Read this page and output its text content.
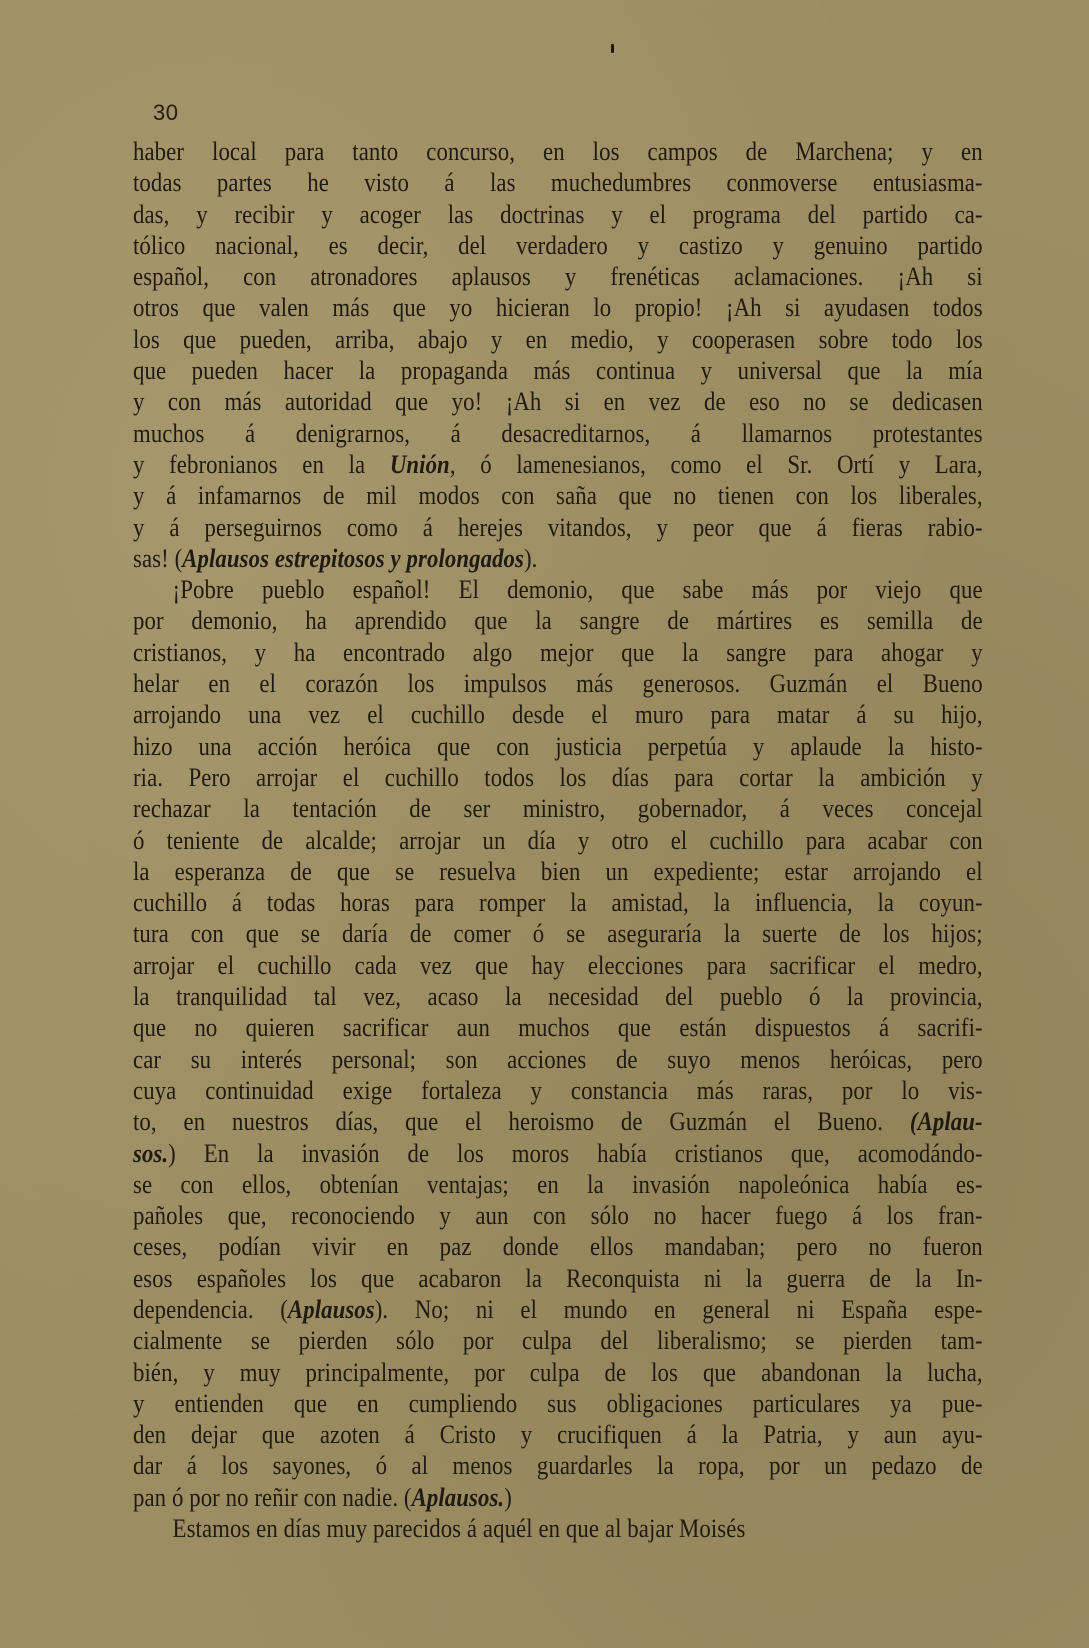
30
haber local para tanto concurso, en los campos de Marchena; y en
todas partes he visto á las muchedumbres conmoverse entusiasma-
das, y recibir y acoger las doctrinas y el programa del partido ca-
tólico nacional, es decir, del verdadero y castizo y genuino partido
español, con atronadores aplausos y frenéticas aclamaciones. ¡Ah si
otros que valen más que yo hicieran lo propio! ¡Ah si ayudasen todos
los que pueden, arriba, abajo y en medio, y cooperasen sobre todo los
que pueden hacer la propaganda más continua y universal que la mía
y con más autoridad que yo! ¡Ah si en vez de eso no se dedicasen
muchos á denigrarnos, á desacreditarnos, á llamarnos protestantes
y febronianos en la Unión, ó lamenesianos, como el Sr. Ortí y Lara,
y á infamarnos de mil modos con saña que no tienen con los liberales,
y á perseguirnos como á herejes vitandos, y peor que á fieras rabio-
sas! (Aplausos estrepitosos y prolongados).
¡Pobre pueblo español! El demonio, que sabe más por viejo que
por demonio, ha aprendido que la sangre de mártires es semilla de
cristianos, y ha encontrado algo mejor que la sangre para ahogar y
helar en el corazón los impulsos más generosos. Guzmán el Bueno
arrojando una vez el cuchillo desde el muro para matar á su hijo,
hizo una acción heróica que con justicia perpetúa y aplaude la histo-
ria. Pero arrojar el cuchillo todos los días para cortar la ambición y
rechazar la tentación de ser ministro, gobernador, á veces concejal
ó teniente de alcalde; arrojar un día y otro el cuchillo para acabar con
la esperanza de que se resuelva bien un expediente; estar arrojando el
cuchillo á todas horas para romper la amistad, la influencia, la coyun-
tura con que se daría de comer ó se aseguraría la suerte de los hijos;
arrojar el cuchillo cada vez que hay elecciones para sacrificar el medro,
la tranquilidad tal vez, acaso la necesidad del pueblo ó la provincia,
que no quieren sacrificar aun muchos que están dispuestos á sacrifi-
car su interés personal; son acciones de suyo menos heróicas, pero
cuya continuidad exige fortaleza y constancia más raras, por lo vis-
to, en nuestros días, que el heroismo de Guzmán el Bueno. (Aplau-
sos.) En la invasión de los moros había cristianos que, acomodándo-
se con ellos, obtenían ventajas; en la invasión napoleónica había es-
pañoles que, reconociendo y aun con sólo no hacer fuego á los fran-
ceses, podían vivir en paz donde ellos mandaban; pero no fueron
esos españoles los que acabaron la Reconquista ni la guerra de la In-
dependencia. (Aplausos). No; ni el mundo en general ni España espe-
cialmente se pierden sólo por culpa del liberalismo; se pierden tam-
bién, y muy principalmente, por culpa de los que abandonan la lucha,
y entienden que en cumpliendo sus obligaciones particulares ya pue-
den dejar que azoten á Cristo y crucifiquen á la Patria, y aun ayu-
dar á los sayones, ó al menos guardarles la ropa, por un pedazo de
pan ó por no reñir con nadie. (Aplausos.)
Estamos en días muy parecidos á aquél en que al bajar Moisés
